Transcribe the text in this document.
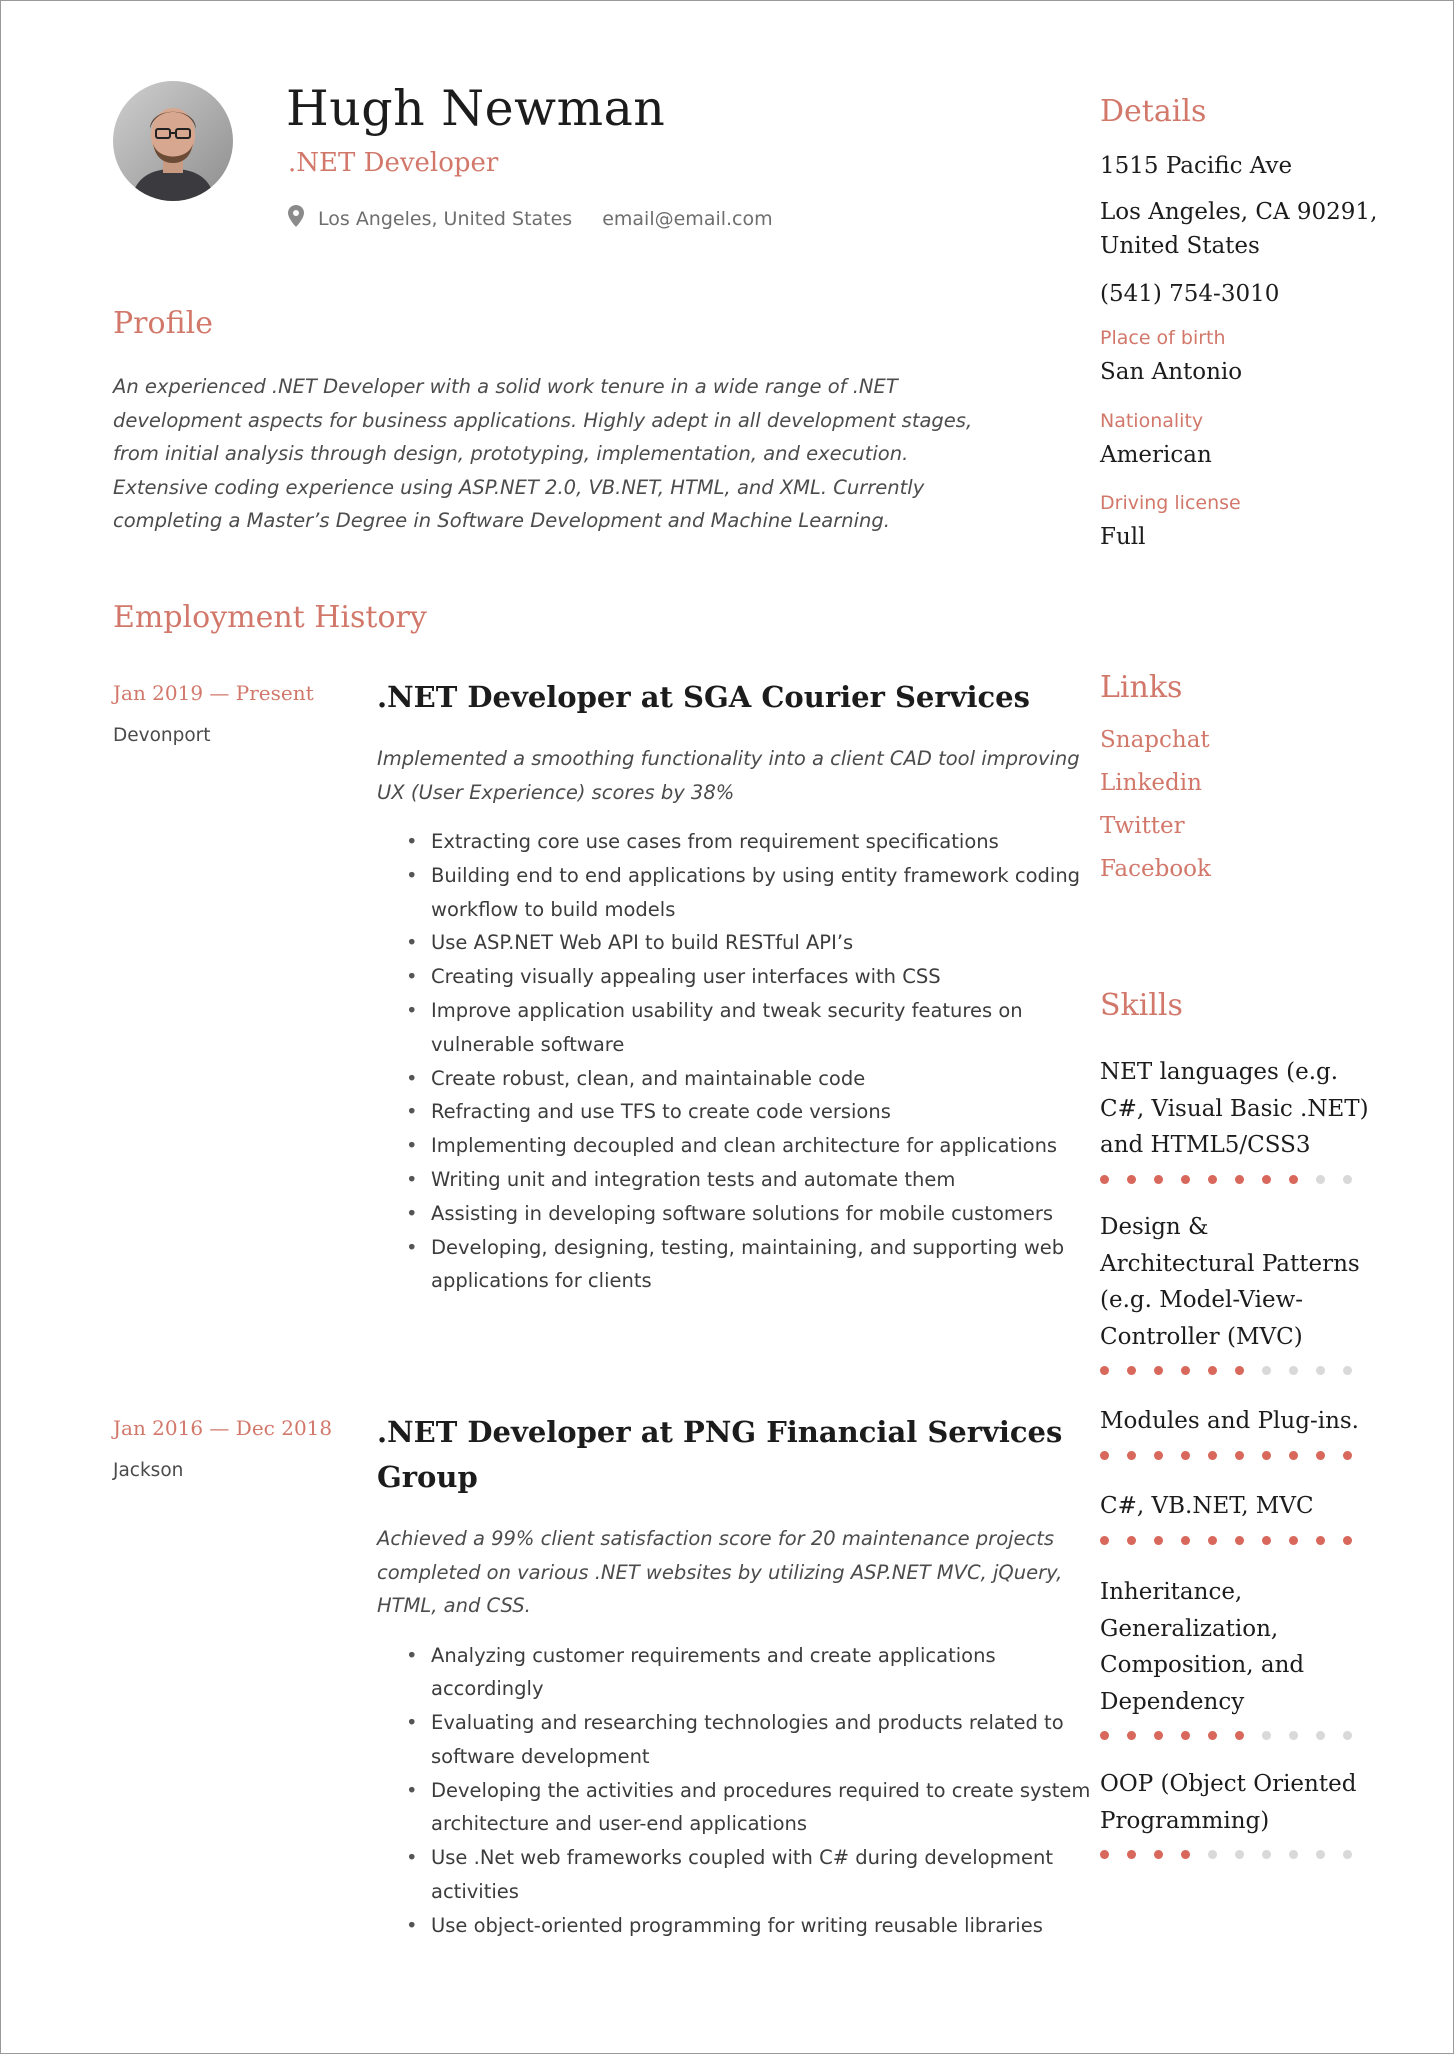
Hugh Newman
.NET Developer
Los Angeles, United States email@email.com
Profile
An experienced .NET Developer with a solid work tenure in a wide range of .NET development aspects for business applications. Highly adept in all development stages, from initial analysis through design, prototyping, implementation, and execution. Extensive coding experience using ASP.NET 2.0, VB.NET, HTML, and XML. Currently completing a Master’s Degree in Software Development and Machine Learning.
Employment History
Jan 2019 — Present
Devonport
.NET Developer at SGA Courier Services
Implemented a smoothing functionality into a client CAD tool improving UX (User Experience) scores by 38%
• Extracting core use cases from requirement specifications
• Building end to end applications by using entity framework coding workflow to build models
• Use ASP.NET Web API to build RESTful API’s
• Creating visually appealing user interfaces with CSS
• Improve application usability and tweak security features on vulnerable software
• Create robust, clean, and maintainable code
• Refracting and use TFS to create code versions
• Implementing decoupled and clean architecture for applications
• Writing unit and integration tests and automate them
• Assisting in developing software solutions for mobile customers
• Developing, designing, testing, maintaining, and supporting web applications for clients
Jan 2016 — Dec 2018
Jackson
.NET Developer at PNG Financial Services Group
Achieved a 99% client satisfaction score for 20 maintenance projects completed on various .NET websites by utilizing ASP.NET MVC, jQuery, HTML, and CSS.
• Analyzing customer requirements and create applications accordingly
• Evaluating and researching technologies and products related to software development
• Developing the activities and procedures required to create system architecture and user-end applications
• Use .Net web frameworks coupled with C# during development activities
• Use object-oriented programming for writing reusable libraries
Details
1515 Pacific Ave
Los Angeles, CA 90291,
United States
(541) 754-3010
Place of birth
San Antonio
Nationality
American
Driving license
Full
Links
Snapchat
Linkedin
Twitter
Facebook
Skills
NET languages (e.g. C#, Visual Basic .NET) and HTML5/CSS3
Design & Architectural Patterns (e.g. Model-View-Controller (MVC)
Modules and Plug-ins.
C#, VB.NET, MVC
Inheritance, Generalization, Composition, and Dependency
OOP (Object Oriented Programming)
